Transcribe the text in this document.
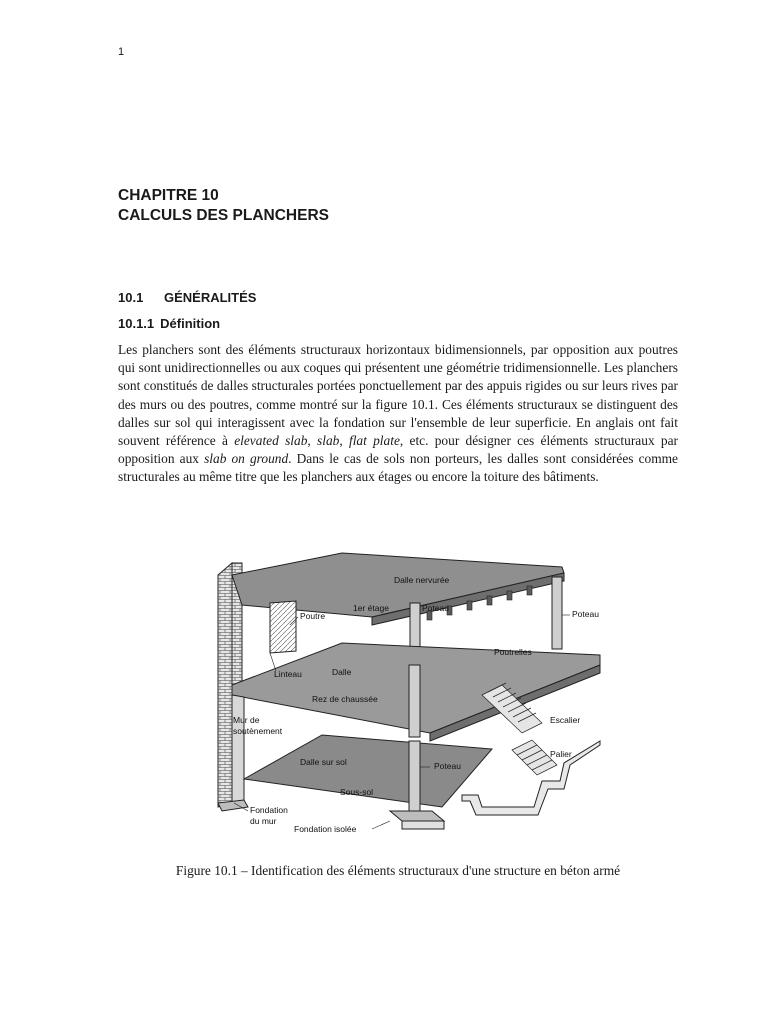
1
CHAPITRE 10
CALCULS DES PLANCHERS
10.1 GÉNÉRALITÉS
10.1.1 Définition

Les planchers sont des éléments structuraux horizontaux bidimensionnels, par opposition aux poutres qui sont unidirectionnelles ou aux coques qui présentent une géométrie tridimensionnelle. Les planchers sont constitués de dalles structurales portées ponctuellement par des appuis rigides ou sur leurs rives par des murs ou des poutres, comme montré sur la figure 10.1. Ces éléments structuraux se distinguent des dalles sur sol qui interagissent avec la fondation sur l'ensemble de leur superficie. En anglais ont fait souvent référence à elevated slab, slab, flat plate, etc. pour désigner ces éléments structuraux par opposition aux slab on ground. Dans le cas de sols non porteurs, les dalles sont considérées comme structurales au même titre que les planchers aux étages ou encore la toiture des bâtiments.

Dalle nervurée
1er étage	Poteau
Poteau
Poutre
Poutrelles
Linteau	Dalle
Rez de chaussée
Escalier
Mur de
soutènement
Palier
Dalle sur sol	Poteau
Sous-sol
Fondation
du mur
Fondation isolée
Figure 10.1 – Identification des éléments structuraux d'une structure en béton armé
